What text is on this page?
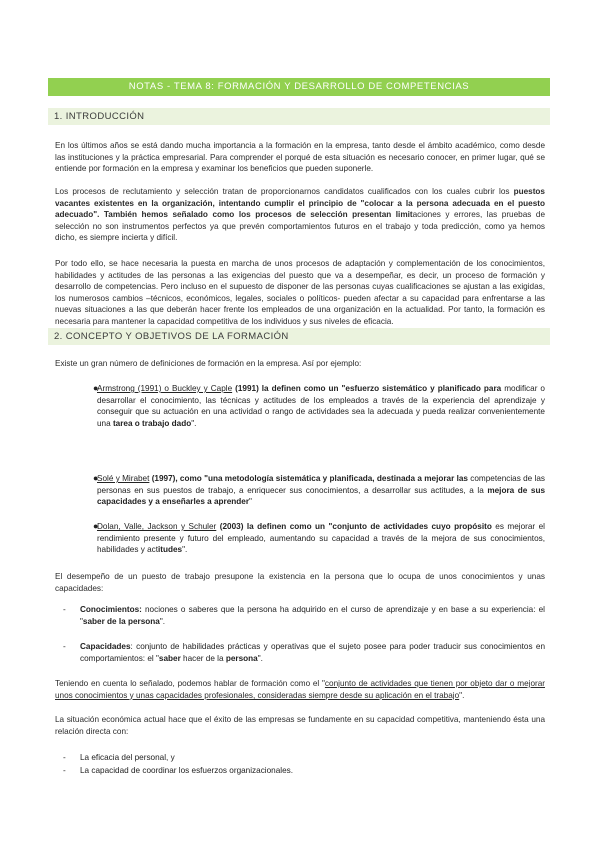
NOTAS - TEMA 8: FORMACIÓN Y DESARROLLO DE COMPETENCIAS
1. INTRODUCCIÓN

En los últimos años se está dando mucha importancia a la formación en la empresa, tanto desde el ámbito académico, como desde las instituciones y la práctica empresarial. Para comprender el porqué de esta situación es necesario conocer, en primer lugar, qué se entiende por formación en la empresa y examinar los beneficios que pueden suponerle.

Los procesos de reclutamiento y selección tratan de proporcionarnos candidatos cualificados con los cuales cubrir los puestos vacantes existentes en la organización, intentando cumplir el principio de "colocar a la persona adecuada en el puesto adecuado". También hemos señalado como los procesos de selección presentan limitaciones y errores, las pruebas de selección no son instrumentos perfectos ya que prevén comportamientos futuros en el trabajo y toda predicción, como ya hemos dicho, es siempre incierta y difícil.

Por todo ello, se hace necesaria la puesta en marcha de unos procesos de adaptación y complementación de los conocimientos, habilidades y actitudes de las personas a las exigencias del puesto que va a desempeñar, es decir, un proceso de formación y desarrollo de competencias. Pero incluso en el supuesto de disponer de las personas cuyas cualificaciones se ajustan a las exigidas, los numerosos cambios –técnicos, económicos, legales, sociales o políticos- pueden afectar a su capacidad para enfrentarse a las nuevas situaciones a las que deberán hacer frente los empleados de una organización en la actualidad. Por tanto, la formación es necesaria para mantener la capacidad competitiva de los individuos y sus niveles de eficacia.

2. CONCEPTO Y OBJETIVOS DE LA FORMACIÓN

Existe un gran número de definiciones de formación en la empresa. Así por ejemplo:

●

Armstrong (1991) o Buckley y Caple (1991) la definen como un "esfuerzo sistemático y planificado para modificar o desarrollar el conocimiento, las técnicas y actitudes de los empleados a través de la experiencia del aprendizaje y conseguir que su actuación en una actividad o rango de actividades sea la adecuada y pueda realizar convenientemente una tarea o trabajo dado".

●

Solé y Mirabet (1997), como "una metodología sistemática y planificada, destinada a mejorar las competencias de las personas en sus puestos de trabajo, a enriquecer sus conocimientos, a desarrollar sus actitudes, a la mejora de sus capacidades y a enseñarles a aprender"

●

Dolan, Valle, Jackson y Schuler (2003) la definen como un "conjunto de actividades cuyo propósito es mejorar el rendimiento presente y futuro del empleado, aumentando su capacidad a través de la mejora de sus conocimientos, habilidades y actitudes".

El desempeño de un puesto de trabajo presupone la existencia en la persona que lo ocupa de unos conocimientos y unas capacidades:

-	Conocimientos: nociones o saberes que la persona ha adquirido en el curso de aprendizaje y en base a su experiencia: el "saber de la persona".

-	Capacidades: conjunto de habilidades prácticas y operativas que el sujeto posee para poder traducir sus conocimientos en comportamientos: el "saber hacer de la persona".

Teniendo en cuenta lo señalado, podemos hablar de formación como el "conjunto de actividades que tienen por objeto dar o mejorar unos conocimientos y unas capacidades profesionales, consideradas siempre desde su aplicación en el trabajo".

La situación económica actual hace que el éxito de las empresas se fundamente en su capacidad competitiva, manteniendo ésta una relación directa con:

-	La eficacia del personal, y

-	La capacidad de coordinar los esfuerzos organizacionales.
